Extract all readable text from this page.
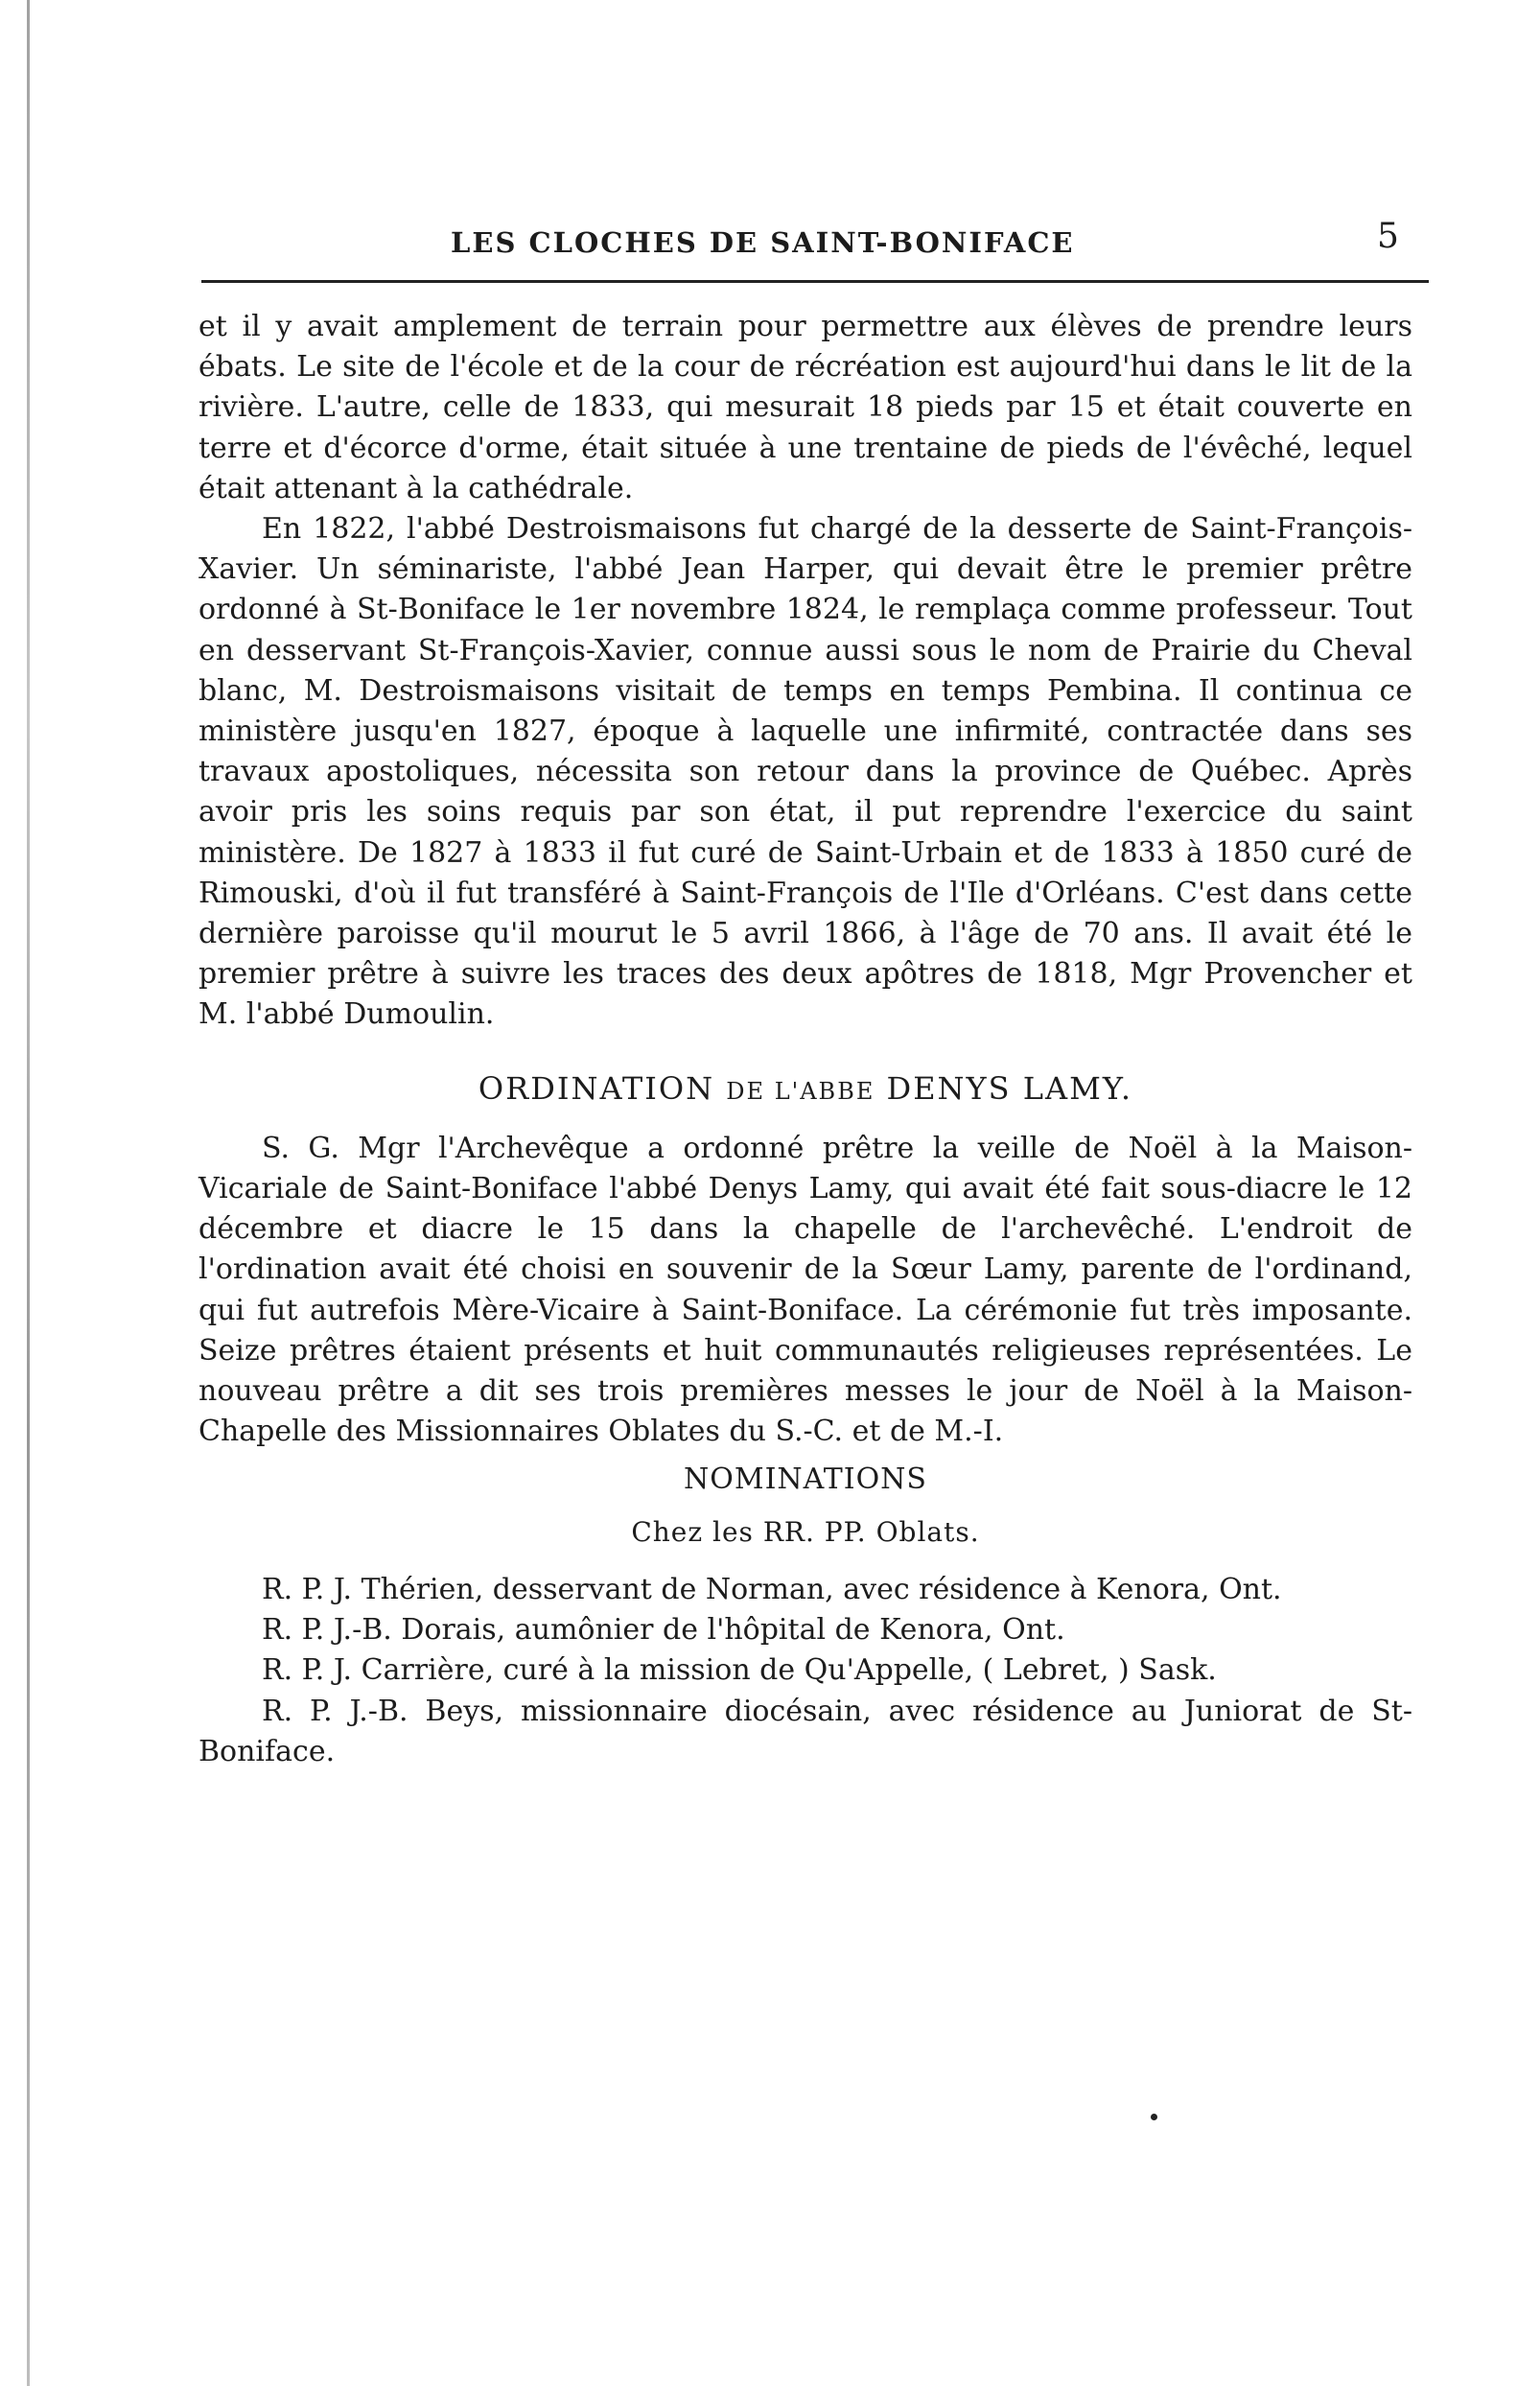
LES CLOCHES DE SAINT-BONIFACE	5

et il y avait amplement de terrain pour permettre aux élèves de prendre leurs ébats. Le site de l'école et de la cour de récréation est aujourd'hui dans le lit de la rivière. L'autre, celle de 1833, qui mesurait 18 pieds par 15 et était couverte en terre et d'écorce d'orme, était située à une trentaine de pieds de l'évêché, lequel était attenant à la cathédrale.

En 1822, l'abbé Destroismaisons fut chargé de la desserte de Saint-François-Xavier. Un séminariste, l'abbé Jean Harper, qui devait être le premier prêtre ordonné à St-Boniface le 1er novembre 1824, le remplaça comme professeur. Tout en desservant St-François-Xavier, connue aussi sous le nom de Prairie du Cheval blanc, M. Destroismaisons visitait de temps en temps Pembina. Il continua ce ministère jusqu'en 1827, époque à laquelle une infirmité, contractée dans ses travaux apostoliques, nécessita son retour dans la province de Québec. Après avoir pris les soins requis par son état, il put reprendre l'exercice du saint ministère. De 1827 à 1833 il fut curé de Saint-Urbain et de 1833 à 1850 curé de Rimouski, d'où il fut transféré à Saint-François de l'Ile d'Orléans. C'est dans cette dernière paroisse qu'il mourut le 5 avril 1866, à l'âge de 70 ans. Il avait été le premier prêtre à suivre les traces des deux apôtres de 1818, Mgr Provencher et M. l'abbé Dumoulin.

ORDINATION DE L'ABBE DENYS LAMY.

S. G. Mgr l'Archevêque a ordonné prêtre la veille de Noël à la Maison-Vicariale de Saint-Boniface l'abbé Denys Lamy, qui avait été fait sous-diacre le 12 décembre et diacre le 15 dans la chapelle de l'archevêché. L'endroit de l'ordination avait été choisi en souvenir de la Sœur Lamy, parente de l'ordinand, qui fut autrefois Mère-Vicaire à Saint-Boniface. La cérémonie fut très imposante. Seize prêtres étaient présents et huit communautés religieuses représentées. Le nouveau prêtre a dit ses trois premières messes le jour de Noël à la Maison-Chapelle des Missionnaires Oblates du S.-C. et de M.-I.

NOMINATIONS
Chez les RR. PP. Oblats.

R. P. J. Thérien, desservant de Norman, avec résidence à Kenora, Ont.

R. P. J.-B. Dorais, aumônier de l'hôpital de Kenora, Ont.

R. P. J. Carrière, curé à la mission de Qu'Appelle, ( Lebret, ) Sask.

R. P. J.-B. Beys, missionnaire diocésain, avec résidence au Juniorat de St-Boniface.
